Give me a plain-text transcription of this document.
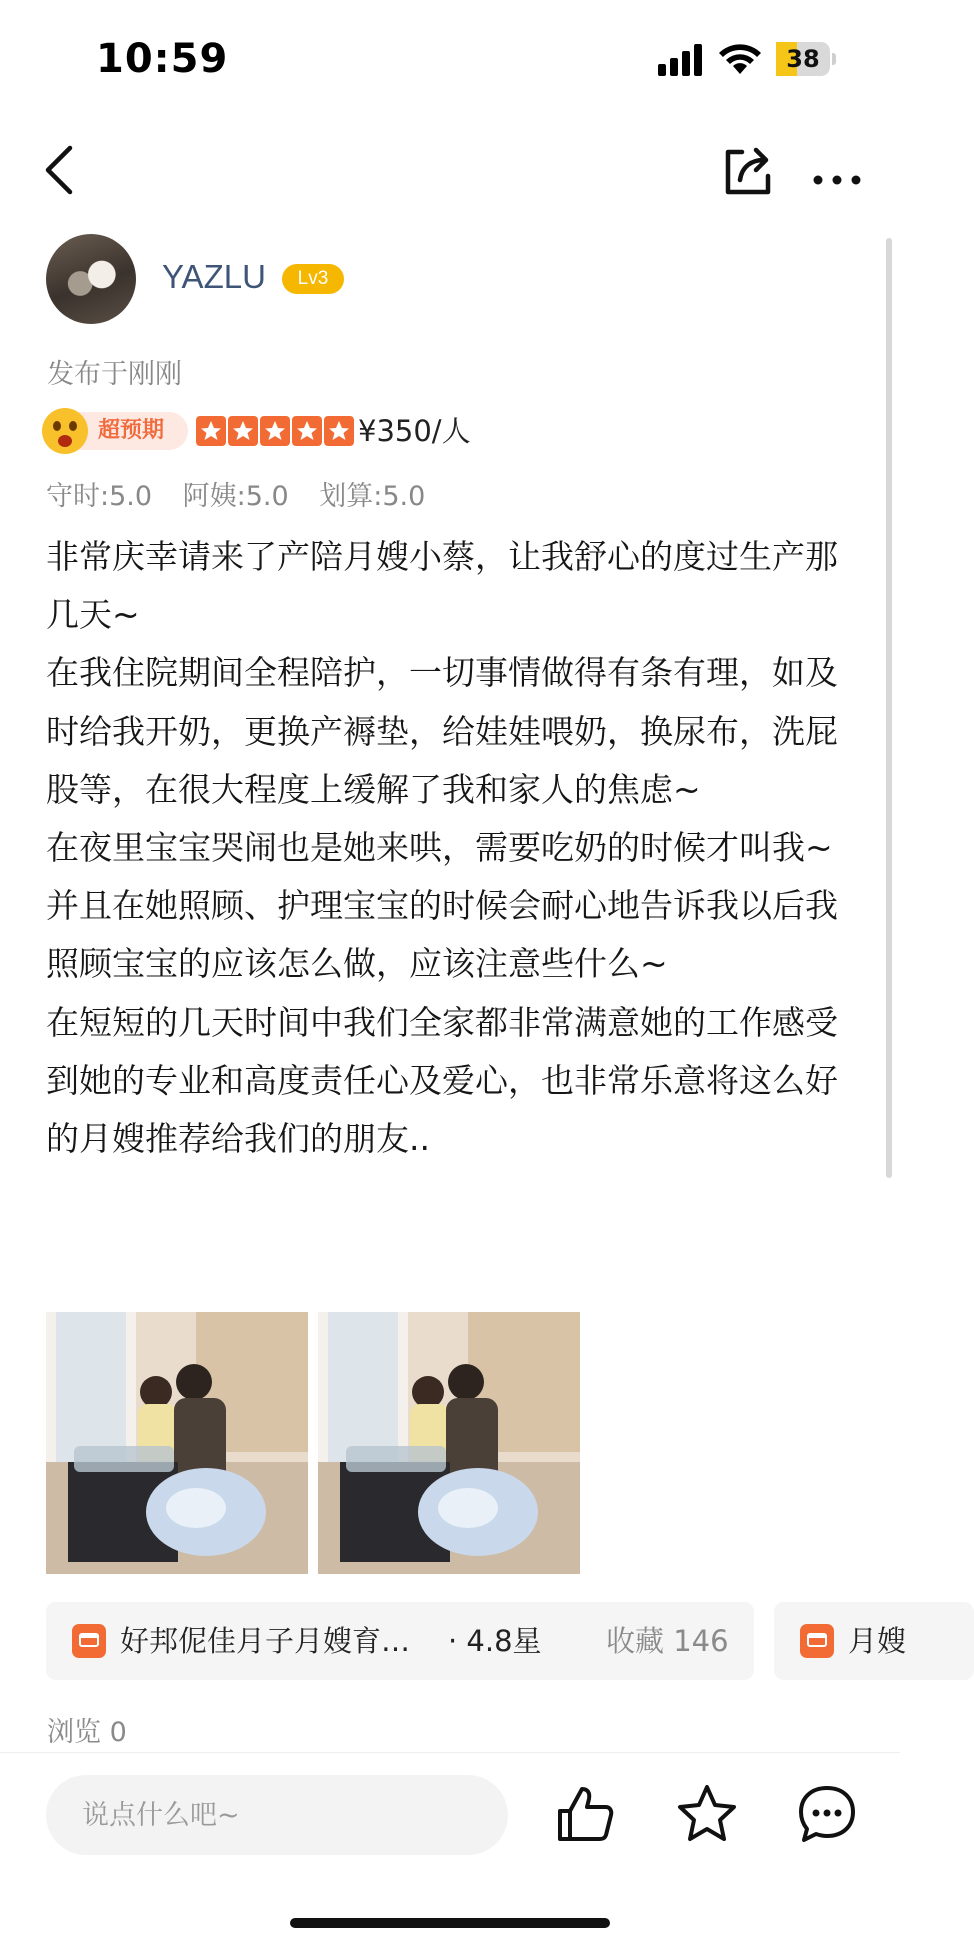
10:59	38
YAZLU	Lv3
发布于刚刚
超预期	¥350/人
守时:5.0 阿姨:5.0 划算:5.0

非常庆幸请来了产陪月嫂小蔡，让我舒心的度过生产那几天~

在我住院期间全程陪护，一切事情做得有条有理，如及时给我开奶，更换产褥垫，给娃娃喂奶，换尿布，洗屁股等，在很大程度上缓解了我和家人的焦虑~

在夜里宝宝哭闹也是她来哄，需要吃奶的时候才叫我~并且在她照顾、护理宝宝的时候会耐心地告诉我以后我照顾宝宝的应该怎么做，应该注意些什么~

在短短的几天时间中我们全家都非常满意她的工作感受到她的专业和高度责任心及爱心，也非常乐意将这么好的月嫂推荐给我们的朋友..

好邦伲佳月子月嫂育… · 4.8星 收藏 146	月嫂
浏览 0
说点什么吧~
